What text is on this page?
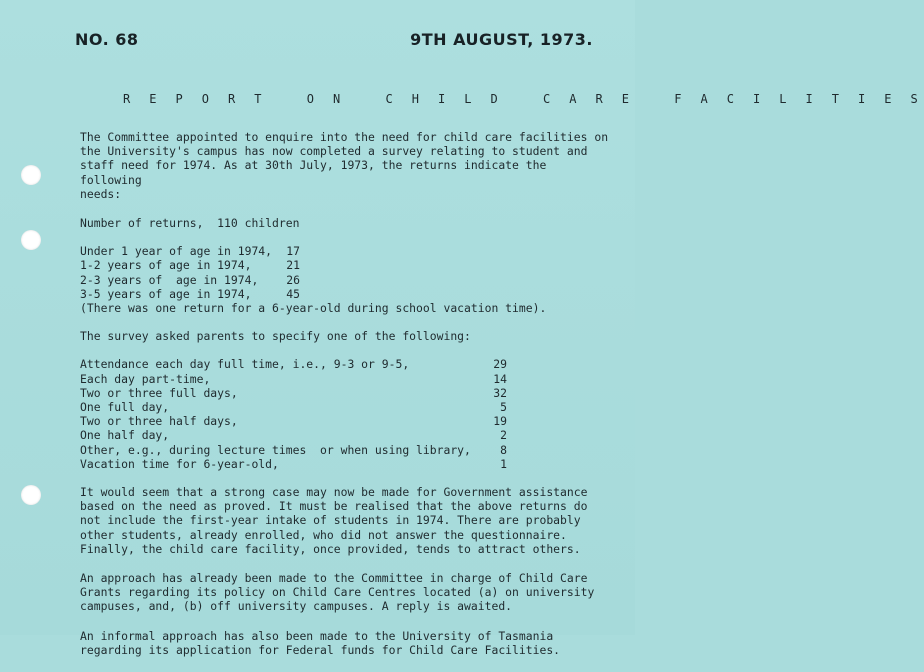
NO. 68	9TH AUGUST, 1973.
R E P O R T   O N   C H I L D   C A R E   F A C I L I T I E S

The Committee appointed to enquire into the need for child care facilities on
the University's campus has now completed a survey relating to student and
staff need for 1974. As at 30th July, 1973, the returns indicate the following
needs:

Number of returns,  110 children
Under 1 year of age in 1974,	17
1-2 years of age in 1974,	21
2-3 years of  age in 1974,	26
3-5 years of age in 1974,	45
(There was one return for a 6-year-old during school vacation time).
The survey asked parents to specify one of the following:
Attendance each day full time, i.e., 9-3 or 9-5,	29
Each day part-time,	14
Two or three full days,	32
One full day,	5
Two or three half days,	19
One half day,	2
Other, e.g., during lecture times  or when using library,	8
Vacation time for 6-year-old,	1

It would seem that a strong case may now be made for Government assistance
based on the need as proved. It must be realised that the above returns do
not include the first-year intake of students in 1974. There are probably
other students, already enrolled, who did not answer the questionnaire.
Finally, the child care facility, once provided, tends to attract others.

An approach has already been made to the Committee in charge of Child Care
Grants regarding its policy on Child Care Centres located (a) on university
campuses, and, (b) off university campuses. A reply is awaited.

An informal approach has also been made to the University of Tasmania
regarding its application for Federal funds for Child Care Facilities.
